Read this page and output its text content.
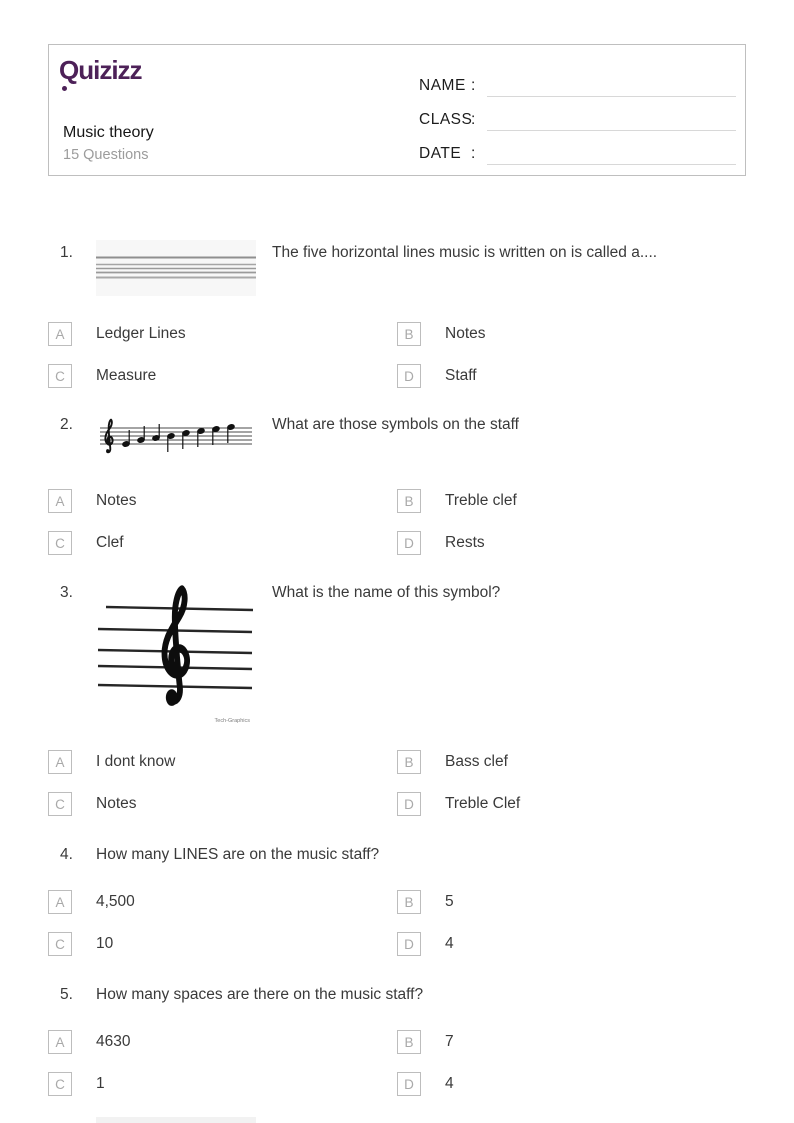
Quizizz
Music theory
15 Questions
NAME :
CLASS
:
DATE :
1.	The five horizontal lines music is written on is called a....
A	Ledger Lines	B	Notes
C	Measure	D	Staff
2.	What are those symbols on the staff
A	Notes	B	Treble clef
C	Clef	D	Rests
3.
Tech-Graphics
What is the name of this symbol?
A	I dont know	B	Bass clef
C	Notes	D	Treble Clef
4.	How many LINES are on the music staff?
A	4,500	B	5
C	10	D	4
5.	How many spaces are there on the music staff?
A	4630	B	7
C	1	D	4
